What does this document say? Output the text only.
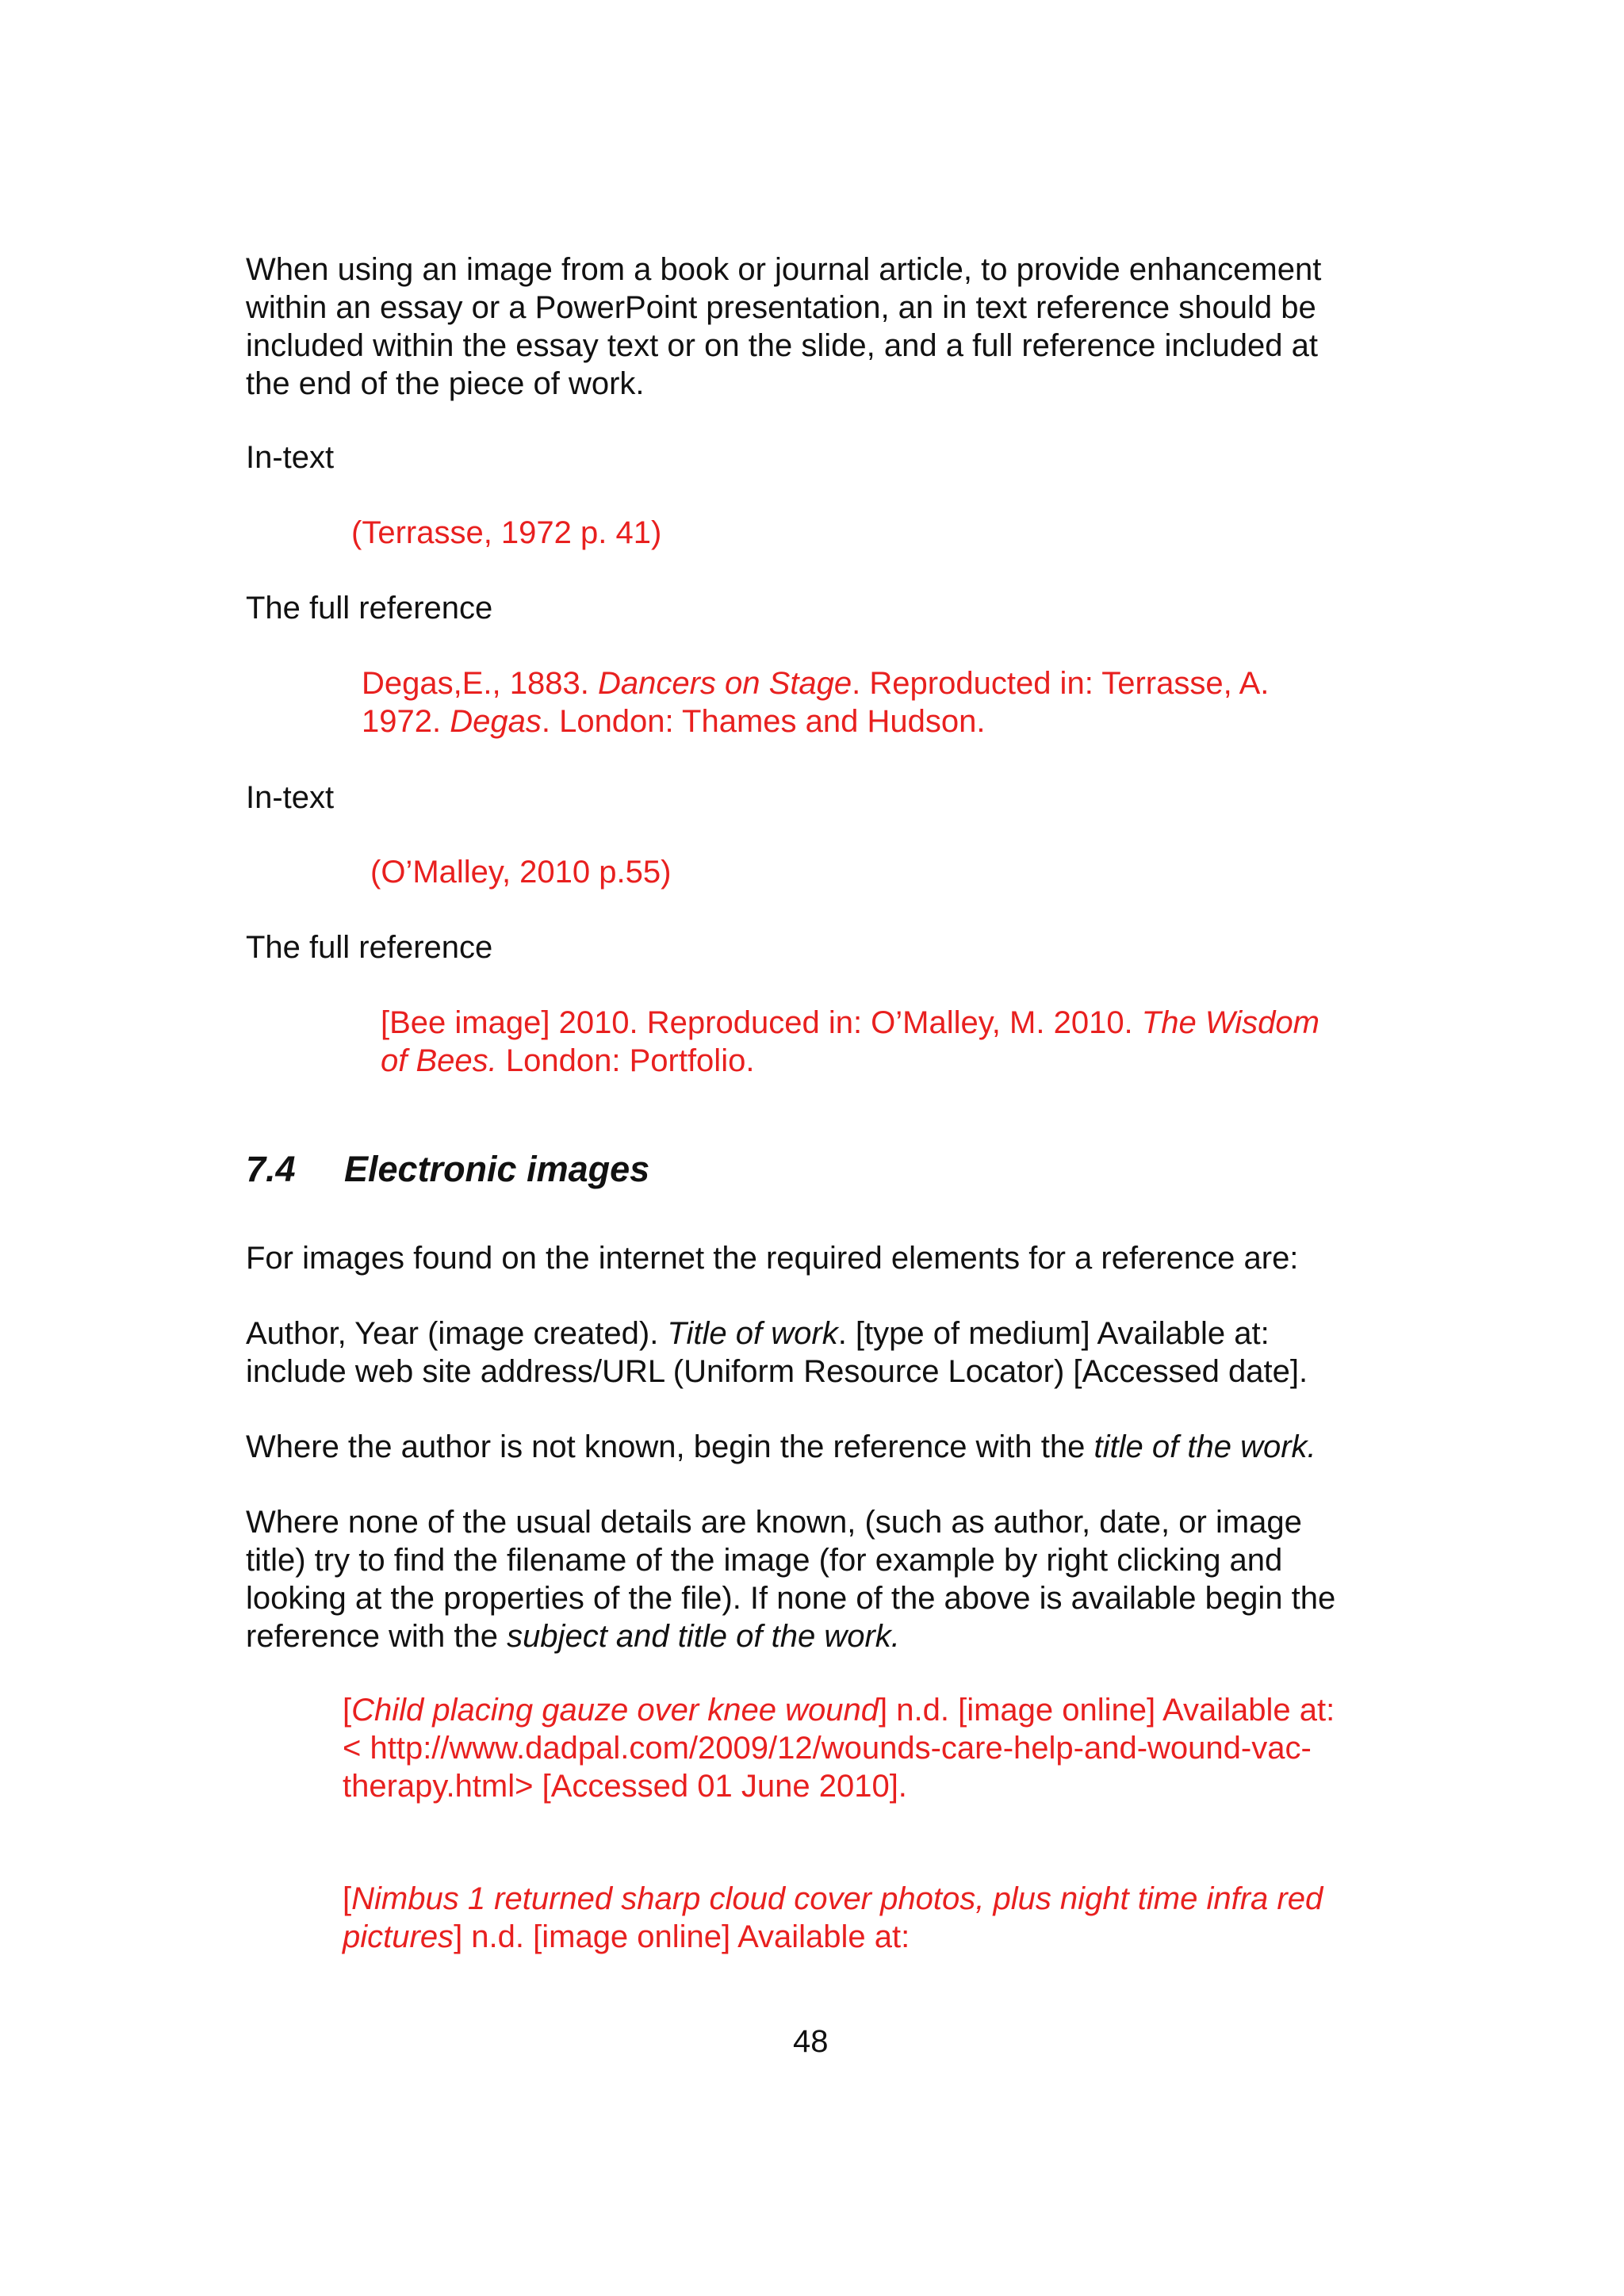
When using an image from a book or journal article, to provide enhancement
within an essay or a PowerPoint presentation, an in text reference should be
included within the essay text or on the slide, and a full reference included at
the end of the piece of work.
In-text
(Terrasse, 1972 p. 41)
The full reference
Degas,E., 1883. Dancers on Stage. Reproducted in: Terrasse, A.
1972. Degas. London: Thames and Hudson.
In-text
(O’Malley, 2010 p.55)
The full reference
[Bee image] 2010. Reproduced in: O’Malley, M. 2010. The Wisdom
of Bees. London: Portfolio.
7.4 Electronic images
For images found on the internet the required elements for a reference are:
Author, Year (image created). Title of work. [type of medium] Available at:
include web site address/URL (Uniform Resource Locator) [Accessed date].
Where the author is not known, begin the reference with the title of the work.
Where none of the usual details are known, (such as author, date, or image
title) try to find the filename of the image (for example by right clicking and
looking at the properties of the file). If none of the above is available begin the
reference with the subject and title of the work.
[Child placing gauze over knee wound] n.d. [image online] Available at:
< http://www.dadpal.com/2009/12/wounds-care-help-and-wound-vac-
therapy.html> [Accessed 01 June 2010].
[Nimbus 1 returned sharp cloud cover photos, plus night time infra red
pictures] n.d. [image online] Available at:
48
